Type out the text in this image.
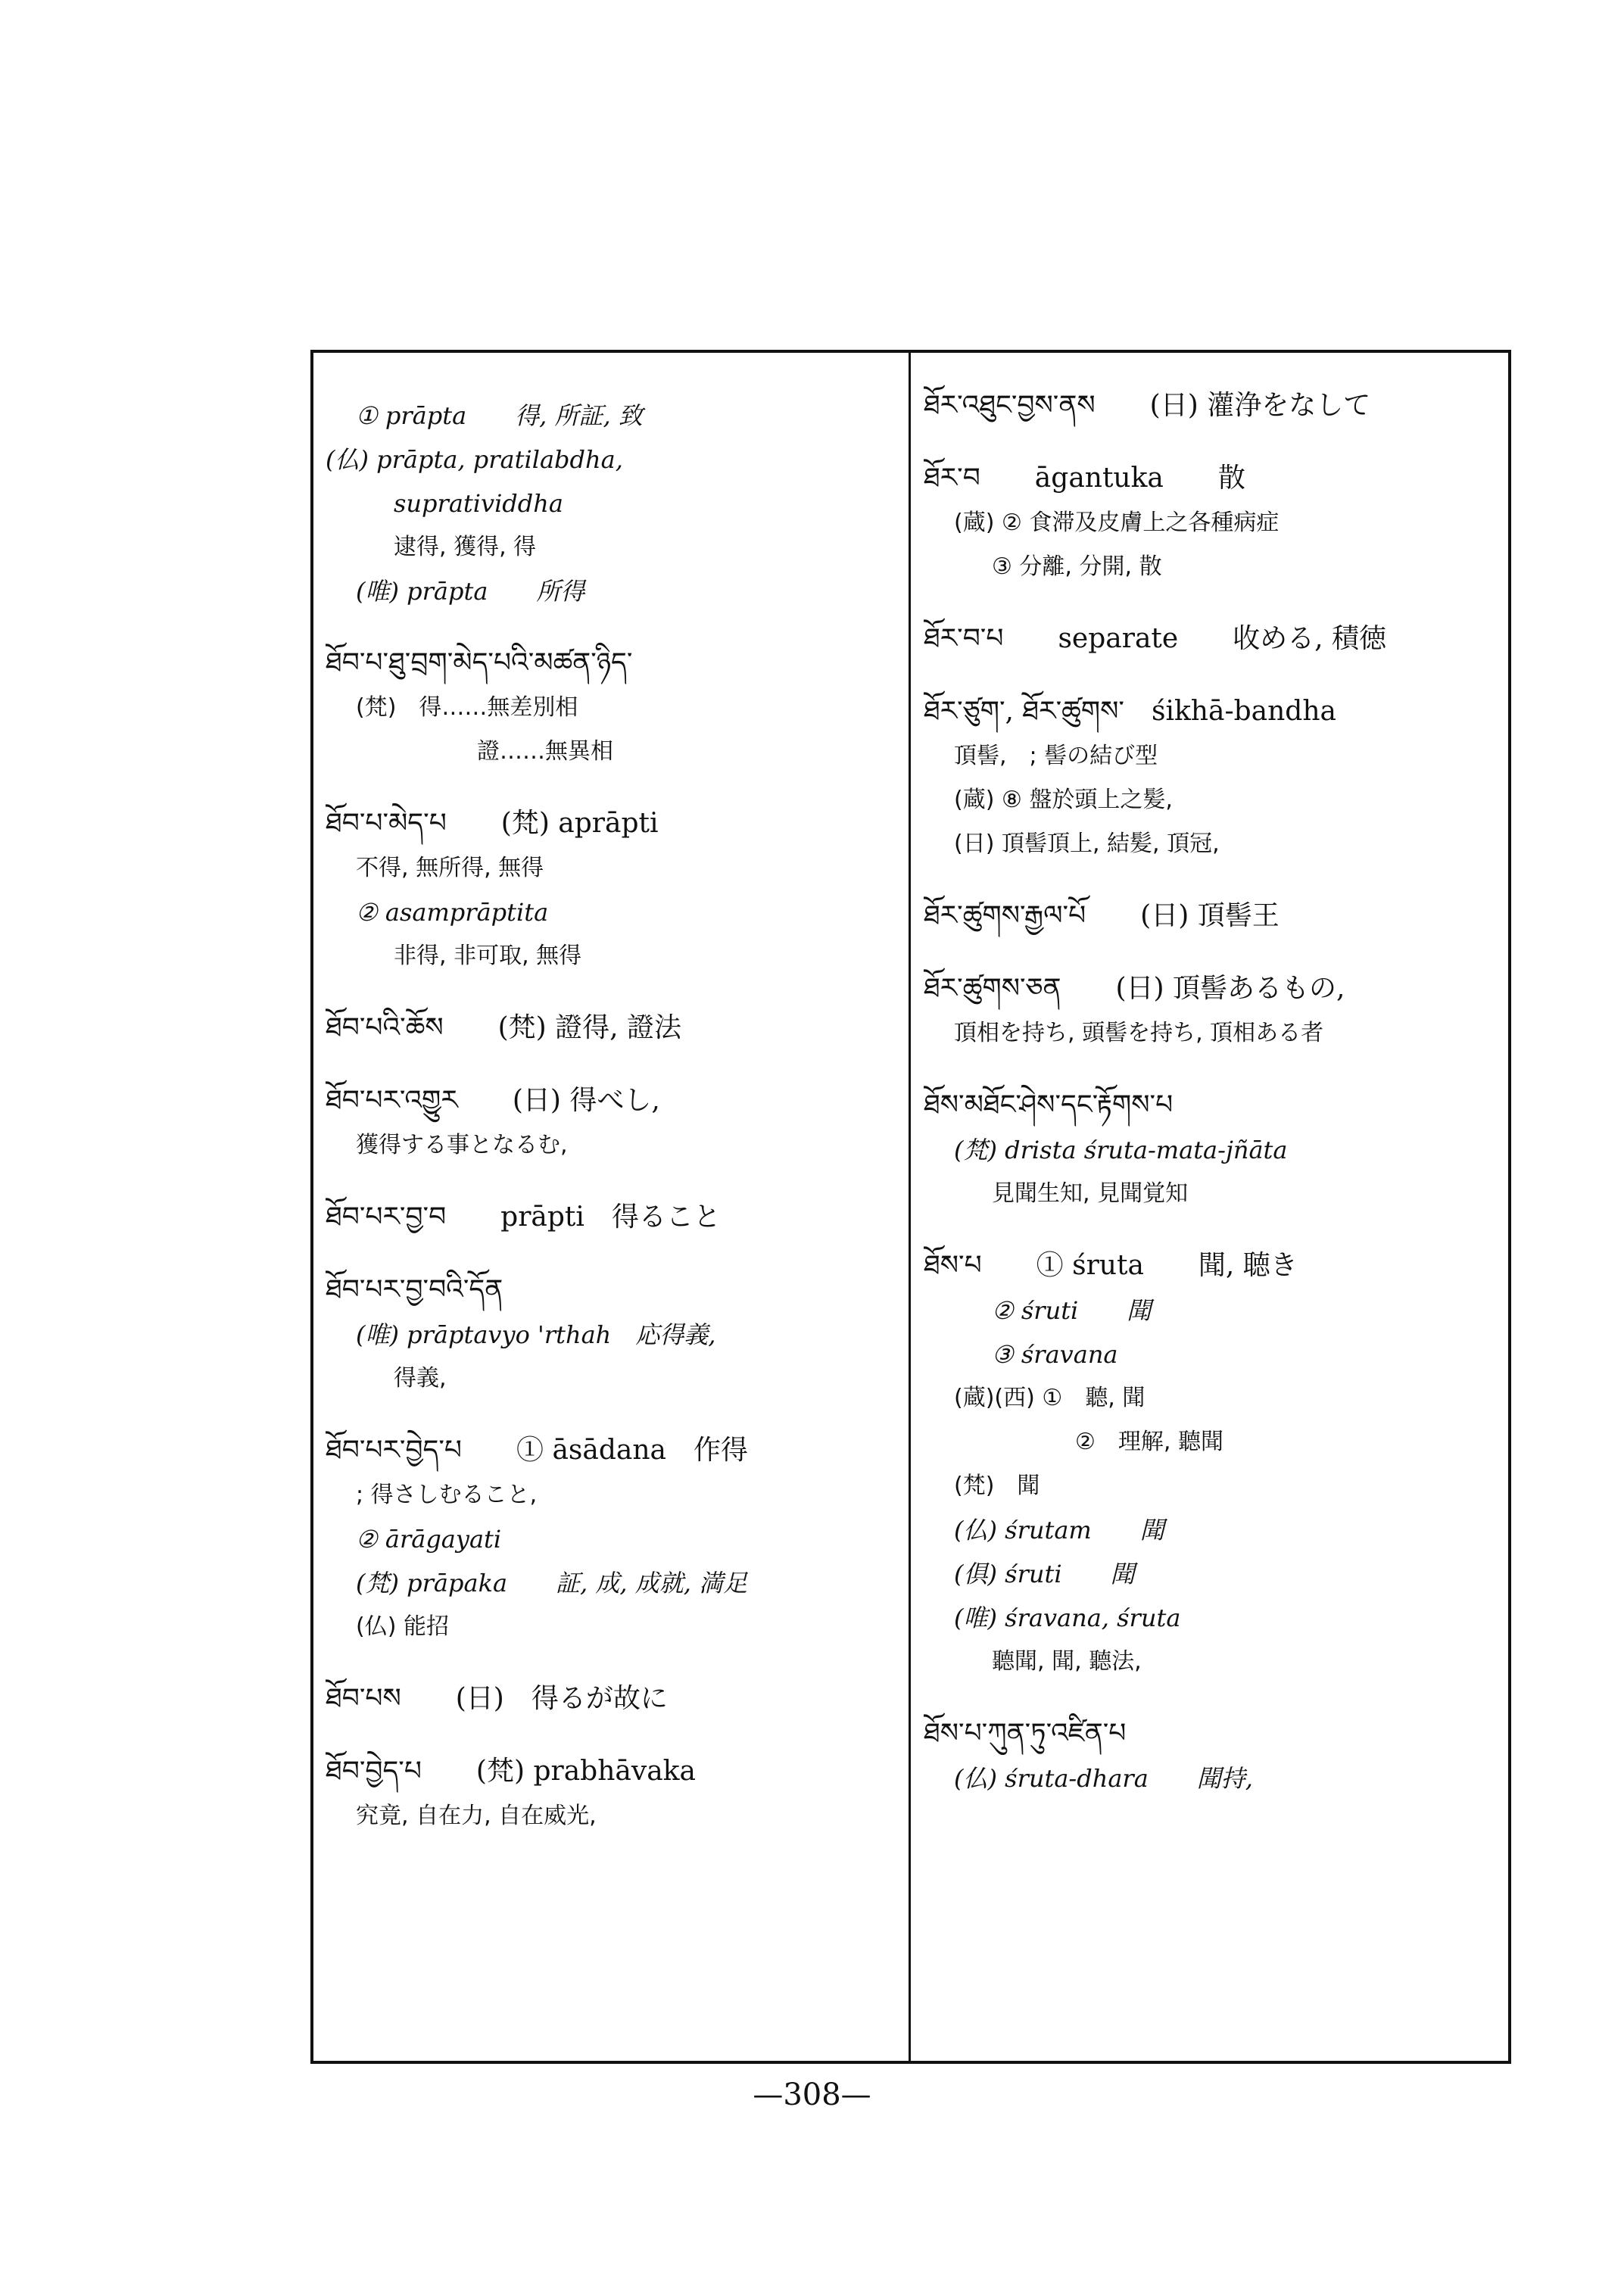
① prāpta　　得, 所証, 致
(仏) prāpta, pratilabdha,
supratividdha
逮得, 獲得, 得
(唯) prāpta　　所得
ཐོབ་པ་ཐུ་བྲག་མེད་པའི་མཚན་ཉིད་
(梵)　得……無差別相
證……無異相
ཐོབ་པ་མེད་པ　　(梵) aprāpti
不得, 無所得, 無得
② asamprāptita
非得, 非可取, 無得
ཐོབ་པའི་ཆོས　　(梵) 證得, 證法
ཐོབ་པར་འགྱུར　　(日) 得べし,
獲得する事となるむ,
ཐོབ་པར་བྱ་བ　　prāpti　得ること
ཐོབ་པར་བྱ་བའི་དོན
(唯) prāptavyo 'rthah　応得義,
得義,
ཐོབ་པར་བྱེད་པ　　① āsādana　作得
; 得さしむること,
② ārāgayati
(梵) prāpaka　　証, 成, 成就, 満足
(仏) 能招
ཐོབ་པས　　(日)　得るが故に
ཐོབ་བྱེད་པ　　(梵) prabhāvaka
究竟, 自在力, 自在威光,
ཐོར་འཐུང་བྱས་ནས　　(日) 灌浄をなして
ཐོར་བ　　āgantuka　　散
(蔵) ② 食滞及皮膚上之各種病症
③ 分離, 分開, 散
ཐོར་བ་པ　　separate　　收める, 積徳
ཐོར་ཙུག་, ཐོར་ཚུགས་　śikhā-bandha
頂髻,　; 髻の結び型
(蔵) ⑧ 盤於頭上之髪,
(日) 頂髻頂上, 結髪, 頂冠,
ཐོར་ཚུགས་རྒྱལ་པོ　　(日) 頂髻王
ཐོར་ཚུགས་ཅན　　(日) 頂髻あるもの,
頂相を持ち, 頭髻を持ち, 頂相ある者
ཐོས་མཐོང་ཤེས་དང་རྟོགས་པ
(梵) drista śruta-mata-jñāta
見聞生知, 見聞覚知
ཐོས་པ　　① śruta　　聞, 聴き
② śruti　　聞
③ śravana
(蔵)(西) ①　聽, 聞
②　理解, 聽聞
(梵)　聞
(仏) śrutam　　聞
(俱) śruti　　聞
(唯) śravana, śruta
聽聞, 聞, 聽法,
ཐོས་པ་ཀུན་ཏུ་འཛིན་པ
(仏) śruta-dhara　　聞持,
—308—
